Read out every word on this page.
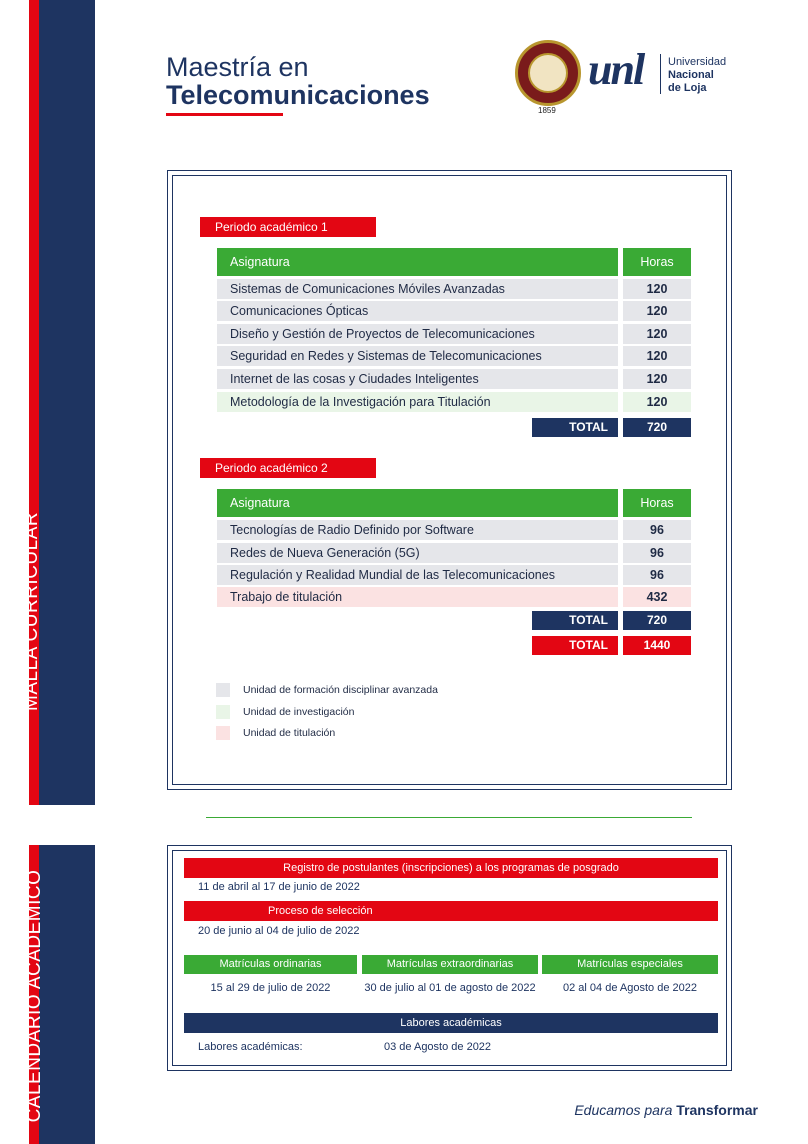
MALLA CURRICULAR
CALENDARIO ACADÉMICO
Maestría en
Telecomunicaciones
1859
unl Universidad
Nacional
de Loja
Periodo académico 1
Asignatura	Horas
Sistemas de Comunicaciones Móviles Avanzadas	120
Comunicaciones Ópticas	120
Diseño y Gestión de Proyectos de Telecomunicaciones	120
Seguridad en Redes y Sistemas de Telecomunicaciones	120
Internet de las cosas y Ciudades Inteligentes	120
Metodología de la Investigación para Titulación	120
TOTAL	720
Periodo académico 2
Asignatura	Horas
Tecnologías de Radio Definido por Software	96
Redes de Nueva Generación (5G)	96
Regulación y Realidad Mundial de las Telecomunicaciones	96
Trabajo de titulación	432
TOTAL	720
TOTAL	1440
Unidad de formación disciplinar avanzada
Unidad de investigación
Unidad de titulación
Registro de postulantes (inscripciones) a los programas de posgrado
11 de abril al 17 de junio de 2022
Proceso de selección
20 de junio al 04 de julio de 2022
Matrículas ordinarias	Matrículas extraordinarias	Matrículas especiales
15 al 29 de julio de 2022	30 de julio al 01 de agosto de 2022	02 al 04 de Agosto de 2022
Labores académicas
Labores académicas:	03 de Agosto de 2022
Educamos para Transformar
